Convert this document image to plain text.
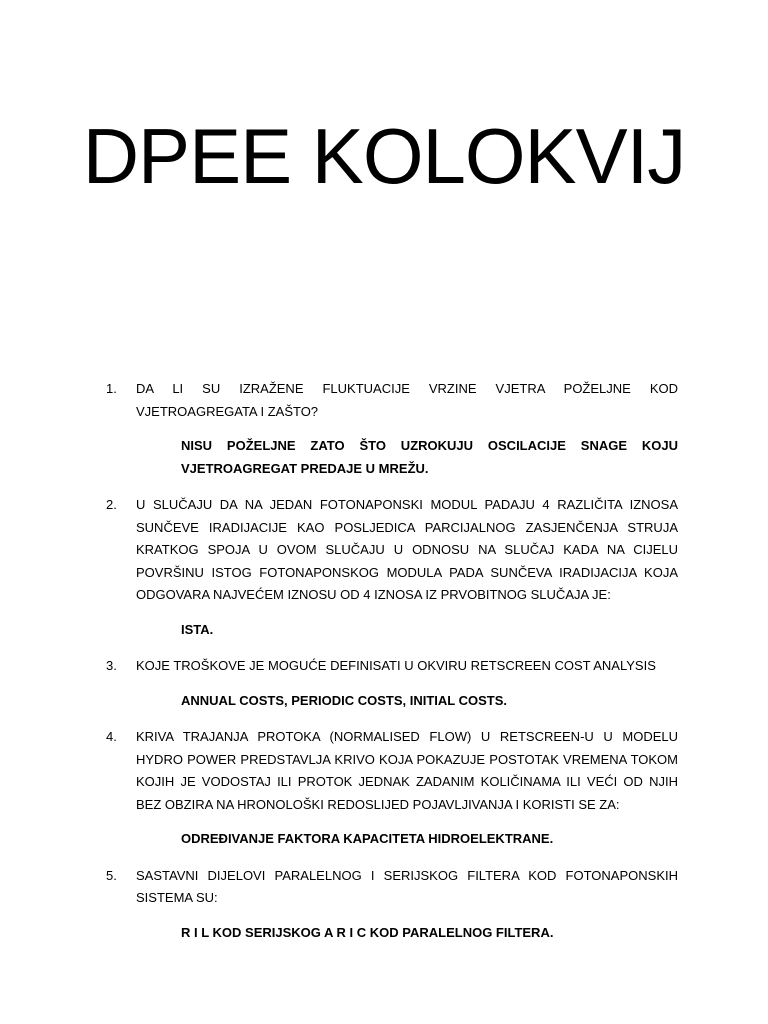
DPEE KOLOKVIJ
1.	DA LI SU IZRAŽENE FLUKTUACIJE VRZINE VJETRA POŽELJNE KOD VJETROAGREGATA I ZAŠTO?
NISU POŽELJNE ZATO ŠTO UZROKUJU OSCILACIJE SNAGE KOJU VJETROAGREGAT PREDAJE U MREŽU.
2.	U SLUČAJU DA NA JEDAN FOTONAPONSKI MODUL PADAJU 4 RAZLIČITA IZNOSA SUNČEVE IRADIJACIJE KAO POSLJEDICA PARCIJALNOG ZASJENČENJA STRUJA KRATKOG SPOJA U OVOM SLUČAJU U ODNOSU NA SLUČAJ KADA NA CIJELU POVRŠINU ISTOG FOTONAPONSKOG MODULA PADA SUNČEVA IRADIJACIJA KOJA ODGOVARA NAJVEĆEM IZNOSU OD 4 IZNOSA IZ PRVOBITNOG SLUČAJA JE:
ISTA.
3.	KOJE TROŠKOVE JE MOGUĆE DEFINISATI U OKVIRU RETSCREEN COST ANALYSIS
ANNUAL COSTS, PERIODIC COSTS, INITIAL COSTS.
4.	KRIVA TRAJANJA PROTOKA (NORMALISED FLOW) U RETSCREEN-U U MODELU HYDRO POWER PREDSTAVLJA KRIVO KOJA POKAZUJE POSTOTAK VREMENA TOKOM KOJIH JE VODOSTAJ ILI PROTOK JEDNAK ZADANIM KOLIČINAMA ILI VEĆI OD NJIH BEZ OBZIRA NA HRONOLOŠKI REDOSLIJED POJAVLJIVANJA I KORISTI SE ZA:
ODREĐIVANJE FAKTORA KAPACITETA HIDROELEKTRANE.
5.	SASTAVNI DIJELOVI PARALELNOG I SERIJSKOG FILTERA KOD FOTONAPONSKIH SISTEMA SU:
R I L KOD SERIJSKOG A R I C KOD PARALELNOG FILTERA.
